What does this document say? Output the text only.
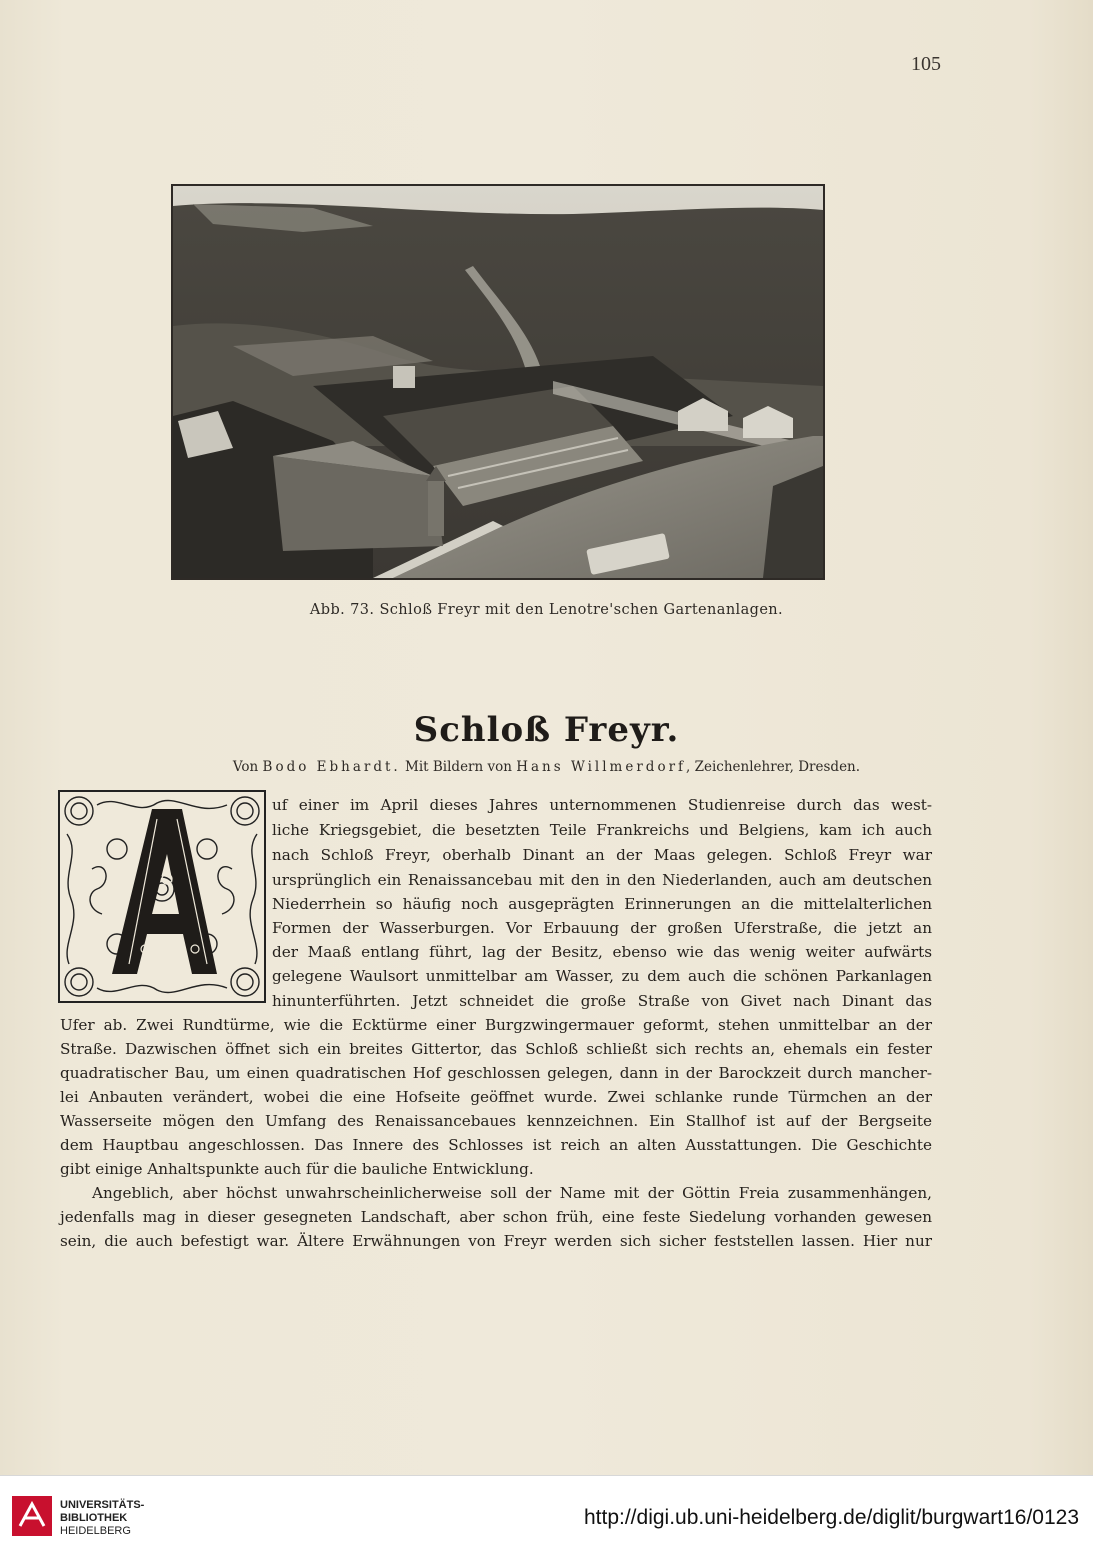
105
Abb. 73. Schloß Freyr mit den Lenotre'schen Gartenanlagen.
Schloß Freyr.
Von Bodo Ebhardt. Mit Bildern von Hans Willmerdorf, Zeichenlehrer, Dresden.
A
uf einer im April dieses Jahres unternommenen Studienreise durch das west-
liche Kriegsgebiet, die besetzten Teile Frankreichs und Belgiens, kam ich auch
nach Schloß Freyr, oberhalb Dinant an der Maas gelegen. Schloß Freyr war
ursprünglich ein Renaissancebau mit den in den Niederlanden, auch am deutschen
Niederrhein so häufig noch ausgeprägten Erinnerungen an die mittelalterlichen
Formen der Wasserburgen. Vor Erbauung der großen Uferstraße, die jetzt an
der Maaß entlang führt, lag der Besitz, ebenso wie das wenig weiter aufwärts
gelegene Waulsort unmittelbar am Wasser, zu dem auch die schönen Parkanlagen
hinunterführten. Jetzt schneidet die große Straße von Givet nach Dinant das
Ufer ab. Zwei Rundtürme, wie die Ecktürme einer Burgzwingermauer geformt, stehen unmittelbar an der
Straße. Dazwischen öffnet sich ein breites Gittertor, das Schloß schließt sich rechts an, ehemals ein fester
quadratischer Bau, um einen quadratischen Hof geschlossen gelegen, dann in der Barockzeit durch mancher-
lei Anbauten verändert, wobei die eine Hofseite geöffnet wurde. Zwei schlanke runde Türmchen an der
Wasserseite mögen den Umfang des Renaissancebaues kennzeichnen. Ein Stallhof ist auf der Bergseite
dem Hauptbau angeschlossen. Das Innere des Schlosses ist reich an alten Ausstattungen. Die Geschichte
gibt einige Anhaltspunkte auch für die bauliche Entwicklung.
Angeblich, aber höchst unwahrscheinlicherweise soll der Name mit der Göttin Freia zusammenhängen,
jedenfalls mag in dieser gesegneten Landschaft, aber schon früh, eine feste Siedelung vorhanden gewesen
sein, die auch befestigt war. Ältere Erwähnungen von Freyr werden sich sicher feststellen lassen. Hier nur
UNIVERSITÄTS-
BIBLIOTHEK
HEIDELBERG
http://digi.ub.uni-heidelberg.de/diglit/burgwart16/0123
